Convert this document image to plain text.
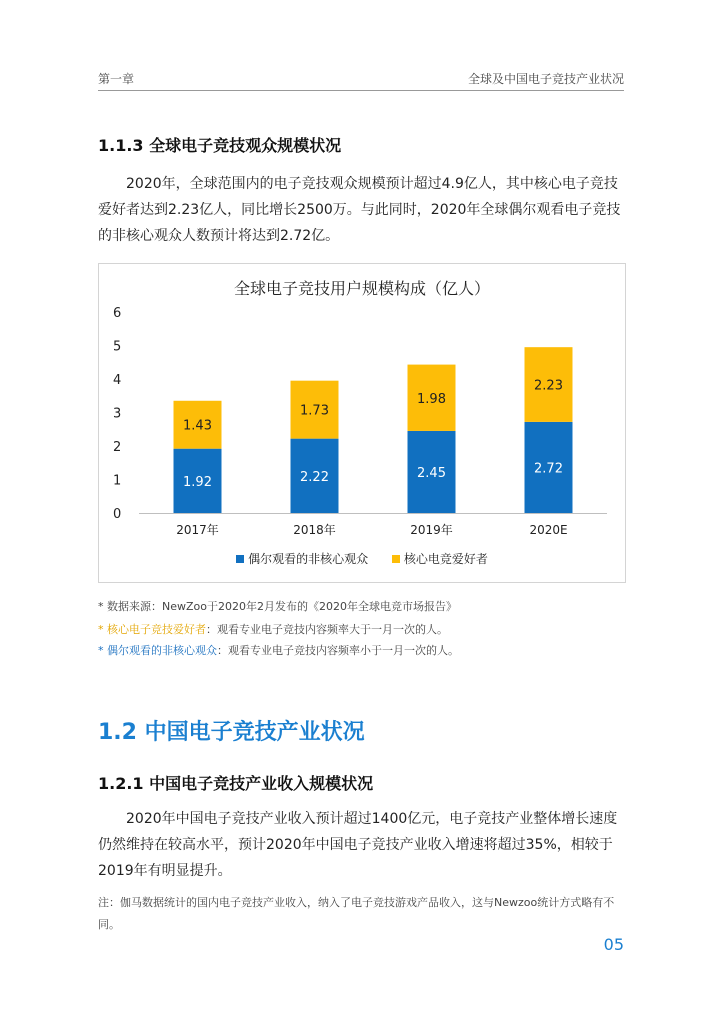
第一章	全球及中国电子竞技产业状况
1.1.3 全球电子竞技观众规模状况

2020年，全球范围内的电子竞技观众规模预计超过4.9亿人，其中核心电子竞技爱好者达到2.23亿人，同比增长2500万。与此同时，2020年全球偶尔观看电子竞技的非核心观众人数预计将达到2.72亿。

全球电子竞技用户规模构成（亿人）
0
1
2
3
4
5
6
1.92
1.43
2017年
2.22
1.73
2018年
2.45
1.98
2019年
2.72
2.23
2020E
偶尔观看的非核心观众	核心电竞爱好者
* 数据来源：NewZoo于2020年2月发布的《2020年全球电竞市场报告》
* 核心电子竞技爱好者：观看专业电子竞技内容频率大于一月一次的人。
* 偶尔观看的非核心观众：观看专业电子竞技内容频率小于一月一次的人。
1.2 中国电子竞技产业状况
1.2.1 中国电子竞技产业收入规模状况

2020年中国电子竞技产业收入预计超过1400亿元，电子竞技产业整体增长速度仍然维持在较高水平，预计2020年中国电子竞技产业收入增速将超过35%，相较于2019年有明显提升。

注：伽马数据统计的国内电子竞技产业收入，纳入了电子竞技游戏产品收入，这与Newzoo统计方式略有不同。

05
